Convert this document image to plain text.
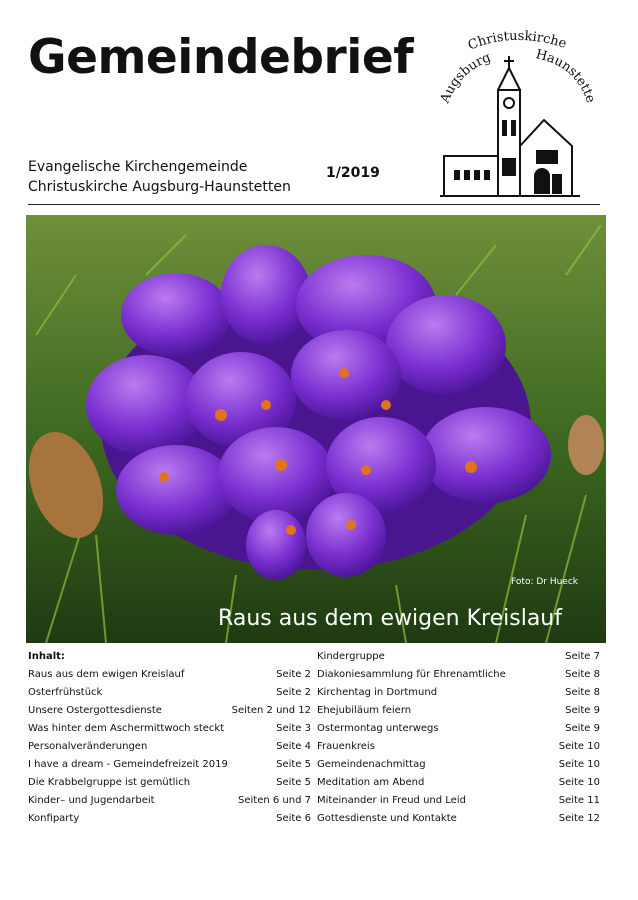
Gemeindebrief
Evangelische Kirchengemeinde
Christuskirche Augsburg-Haunstetten
1/2019
Christuskirche
ugsburg	Haunstette
Foto: Dr Hueck
Raus aus dem ewigen Kreislauf
Inhalt:
Raus aus dem ewigen Kreislauf	Seite 2
Osterfrühstück	Seite 2
Unsere Ostergottesdienste	Seiten 2 und 12
Was hinter dem Aschermittwoch steckt	Seite 3
Personalveränderungen	Seite 4
I have a dream - Gemeindefreizeit 2019	Seite 5
Die Krabbelgruppe ist gemütlich	Seite 5
Kinder– und Jugendarbeit	Seiten 6 und 7
Konfiparty	Seite 6
Kindergruppe	Seite 7
Diakoniesammlung für Ehrenamtliche	Seite 8
Kirchentag in Dortmund	Seite 8
Ehejubiläum feiern	Seite 9
Ostermontag unterwegs	Seite 9
Frauenkreis	Seite 10
Gemeindenachmittag	Seite 10
Meditation am Abend	Seite 10
Miteinander in Freud und Leid	Seite 11
Gottesdienste und Kontakte	Seite 12
